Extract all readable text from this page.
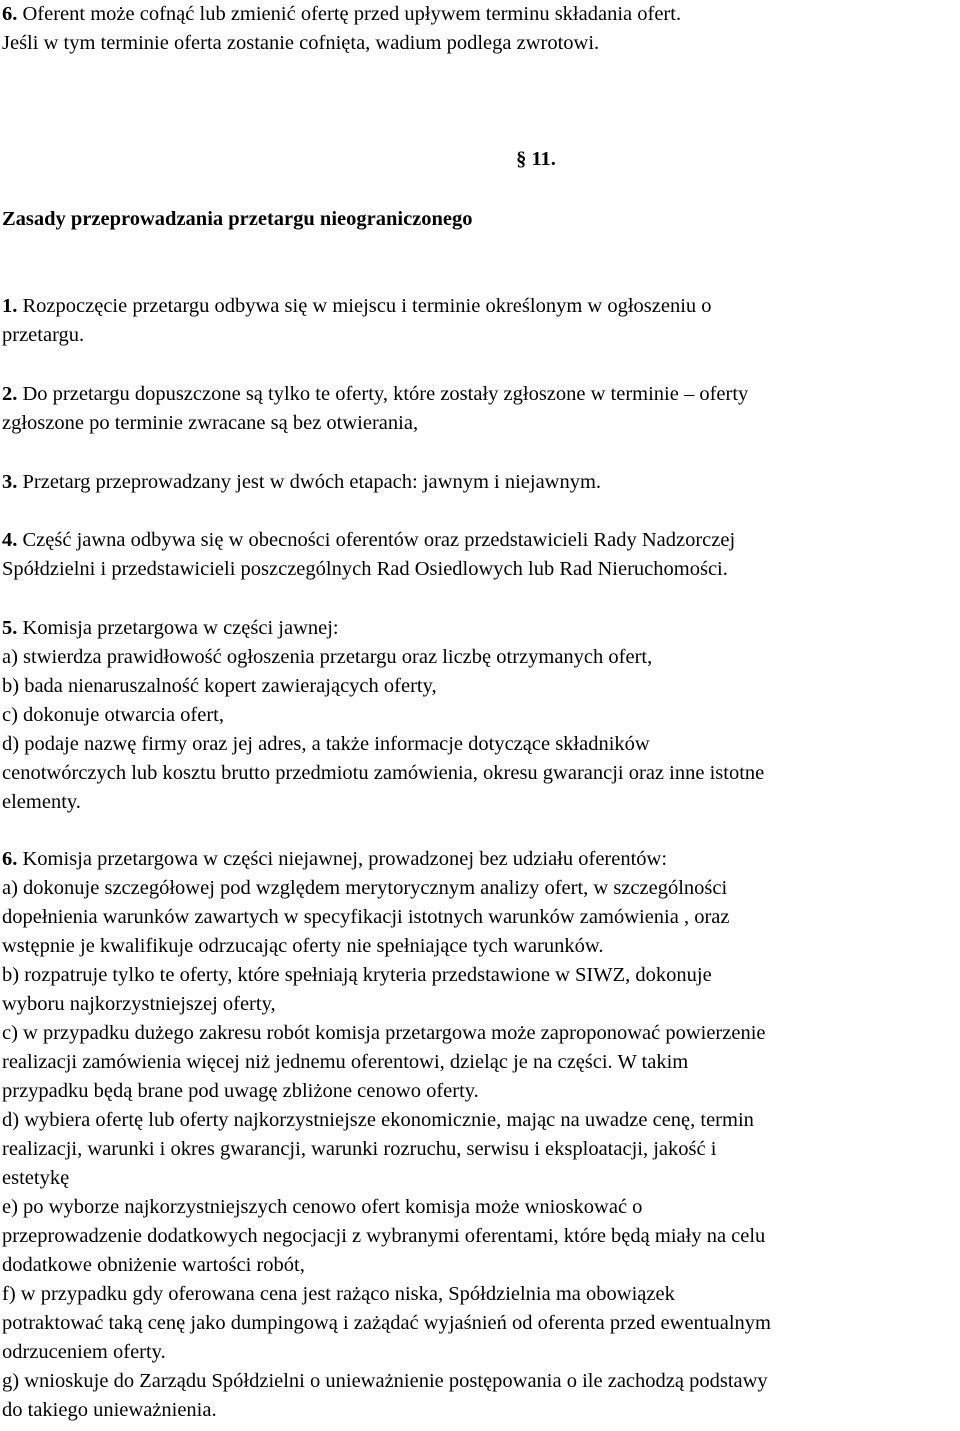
6. Oferent może cofnąć lub zmienić ofertę przed upływem terminu składania ofert.
Jeśli w tym terminie oferta zostanie cofnięta, wadium podlega zwrotowi.

§ 11.

Zasady przeprowadzania przetargu nieograniczonego

1. Rozpoczęcie przetargu odbywa się w miejscu i terminie określonym w ogłoszeniu o
przetargu.

2. Do przetargu dopuszczone są tylko te oferty, które zostały zgłoszone w terminie – oferty
zgłoszone po terminie zwracane są bez otwierania,

3. Przetarg przeprowadzany jest w dwóch etapach: jawnym i niejawnym.

4. Część jawna odbywa się w obecności oferentów oraz przedstawicieli Rady Nadzorczej
Spółdzielni i przedstawicieli poszczególnych Rad Osiedlowych lub Rad Nieruchomości.

5. Komisja przetargowa w części jawnej:
a) stwierdza prawidłowość ogłoszenia przetargu oraz liczbę otrzymanych ofert,
b) bada nienaruszalność kopert zawierających oferty,
c) dokonuje otwarcia ofert,
d) podaje nazwę firmy oraz jej adres, a także informacje dotyczące składników
cenotwórczych lub kosztu brutto przedmiotu zamówienia, okresu gwarancji oraz inne istotne
elementy.

6. Komisja przetargowa w części niejawnej, prowadzonej bez udziału oferentów:
a) dokonuje szczegółowej pod względem merytorycznym analizy ofert, w szczególności
dopełnienia warunków zawartych w specyfikacji istotnych warunków zamówienia , oraz
wstępnie je kwalifikuje odrzucając oferty nie spełniające tych warunków.
b) rozpatruje tylko te oferty, które spełniają kryteria przedstawione w SIWZ, dokonuje
wyboru najkorzystniejszej oferty,
c) w przypadku dużego zakresu robót komisja przetargowa może zaproponować powierzenie
realizacji zamówienia więcej niż jednemu oferentowi, dzieląc je na części. W takim
przypadku będą brane pod uwagę zbliżone cenowo oferty.
d) wybiera ofertę lub oferty najkorzystniejsze ekonomicznie, mając na uwadze cenę, termin
realizacji, warunki i okres gwarancji, warunki rozruchu, serwisu i eksploatacji, jakość i
estetykę
e) po wyborze najkorzystniejszych cenowo ofert komisja może wnioskować o
przeprowadzenie dodatkowych negocjacji z wybranymi oferentami, które będą miały na celu
dodatkowe obniżenie wartości robót,
f) w przypadku gdy oferowana cena jest rażąco niska, Spółdzielnia ma obowiązek
potraktować taką cenę jako dumpingową i zażądać wyjaśnień od oferenta przed ewentualnym
odrzuceniem oferty.
g) wnioskuje do Zarządu Spółdzielni o unieważnienie postępowania o ile zachodzą podstawy
do takiego unieważnienia.
